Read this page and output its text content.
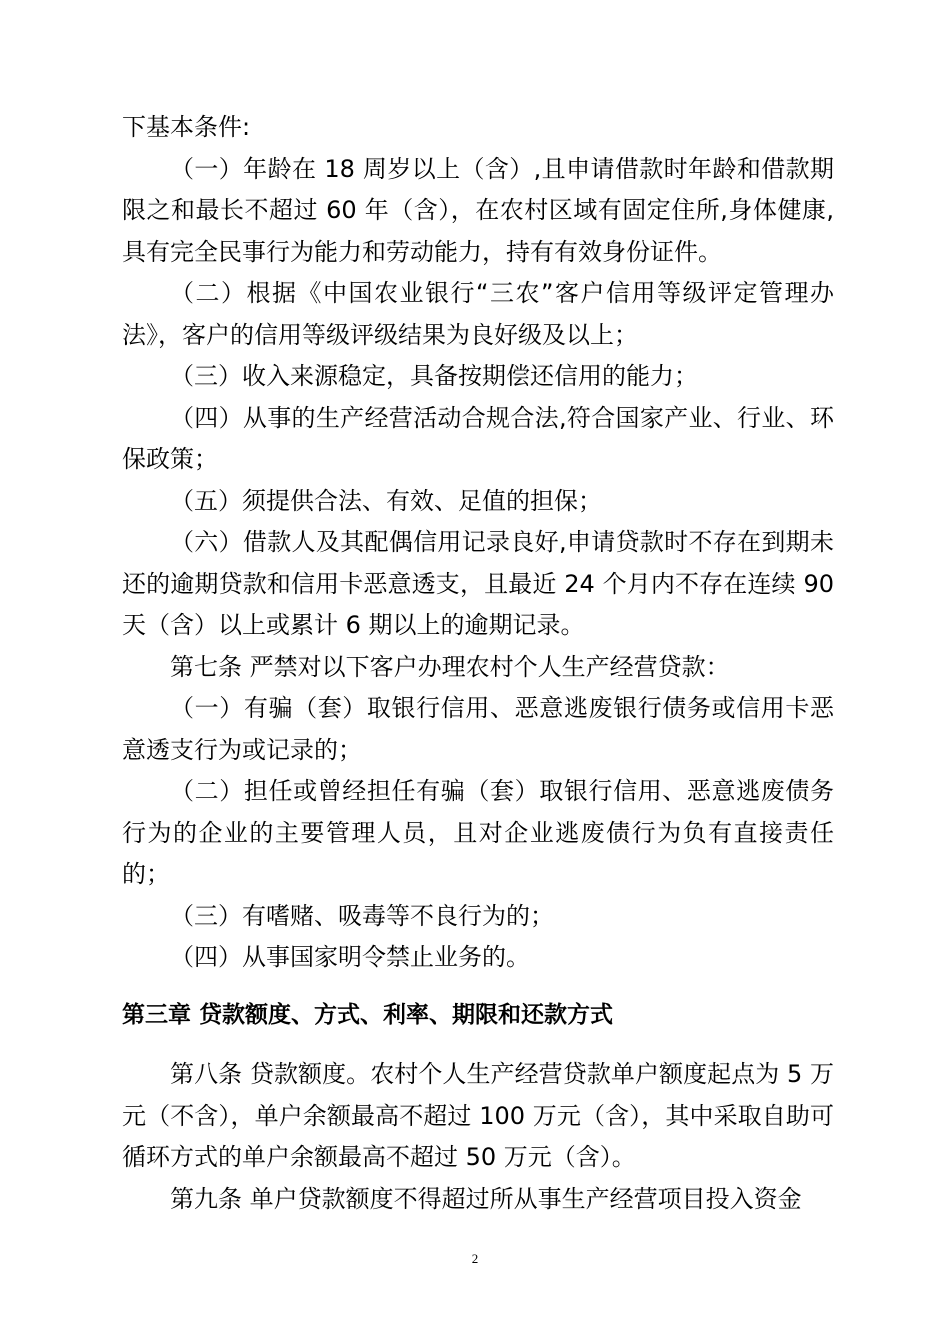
下基本条件:

（一）年龄在 18 周岁以上（含）,且申请借款时年龄和借款期限之和最长不超过 60 年（含），在农村区域有固定住所,身体健康,具有完全民事行为能力和劳动能力，持有有效身份证件。

（二）根据《中国农业银行“三农”客户信用等级评定管理办法》，客户的信用等级评级结果为良好级及以上；

（三）收入来源稳定，具备按期偿还信用的能力；

（四）从事的生产经营活动合规合法,符合国家产业、行业、环保政策；

（五）须提供合法、有效、足值的担保；

（六）借款人及其配偶信用记录良好,申请贷款时不存在到期未还的逾期贷款和信用卡恶意透支，且最近 24 个月内不存在连续 90 天（含）以上或累计 6 期以上的逾期记录。

第七条 严禁对以下客户办理农村个人生产经营贷款：

（一）有骗（套）取银行信用、恶意逃废银行债务或信用卡恶意透支行为或记录的；

（二）担任或曾经担任有骗（套）取银行信用、恶意逃废债务行为的企业的主要管理人员，且对企业逃废债行为负有直接责任的；

（三）有嗜赌、吸毒等不良行为的；

（四）从事国家明令禁止业务的。

第三章 贷款额度、方式、利率、期限和还款方式

第八条 贷款额度。农村个人生产经营贷款单户额度起点为 5 万元（不含），单户余额最高不超过 100 万元（含），其中采取自助可循环方式的单户余额最高不超过 50 万元（含）。

第九条 单户贷款额度不得超过所从事生产经营项目投入资金

2
